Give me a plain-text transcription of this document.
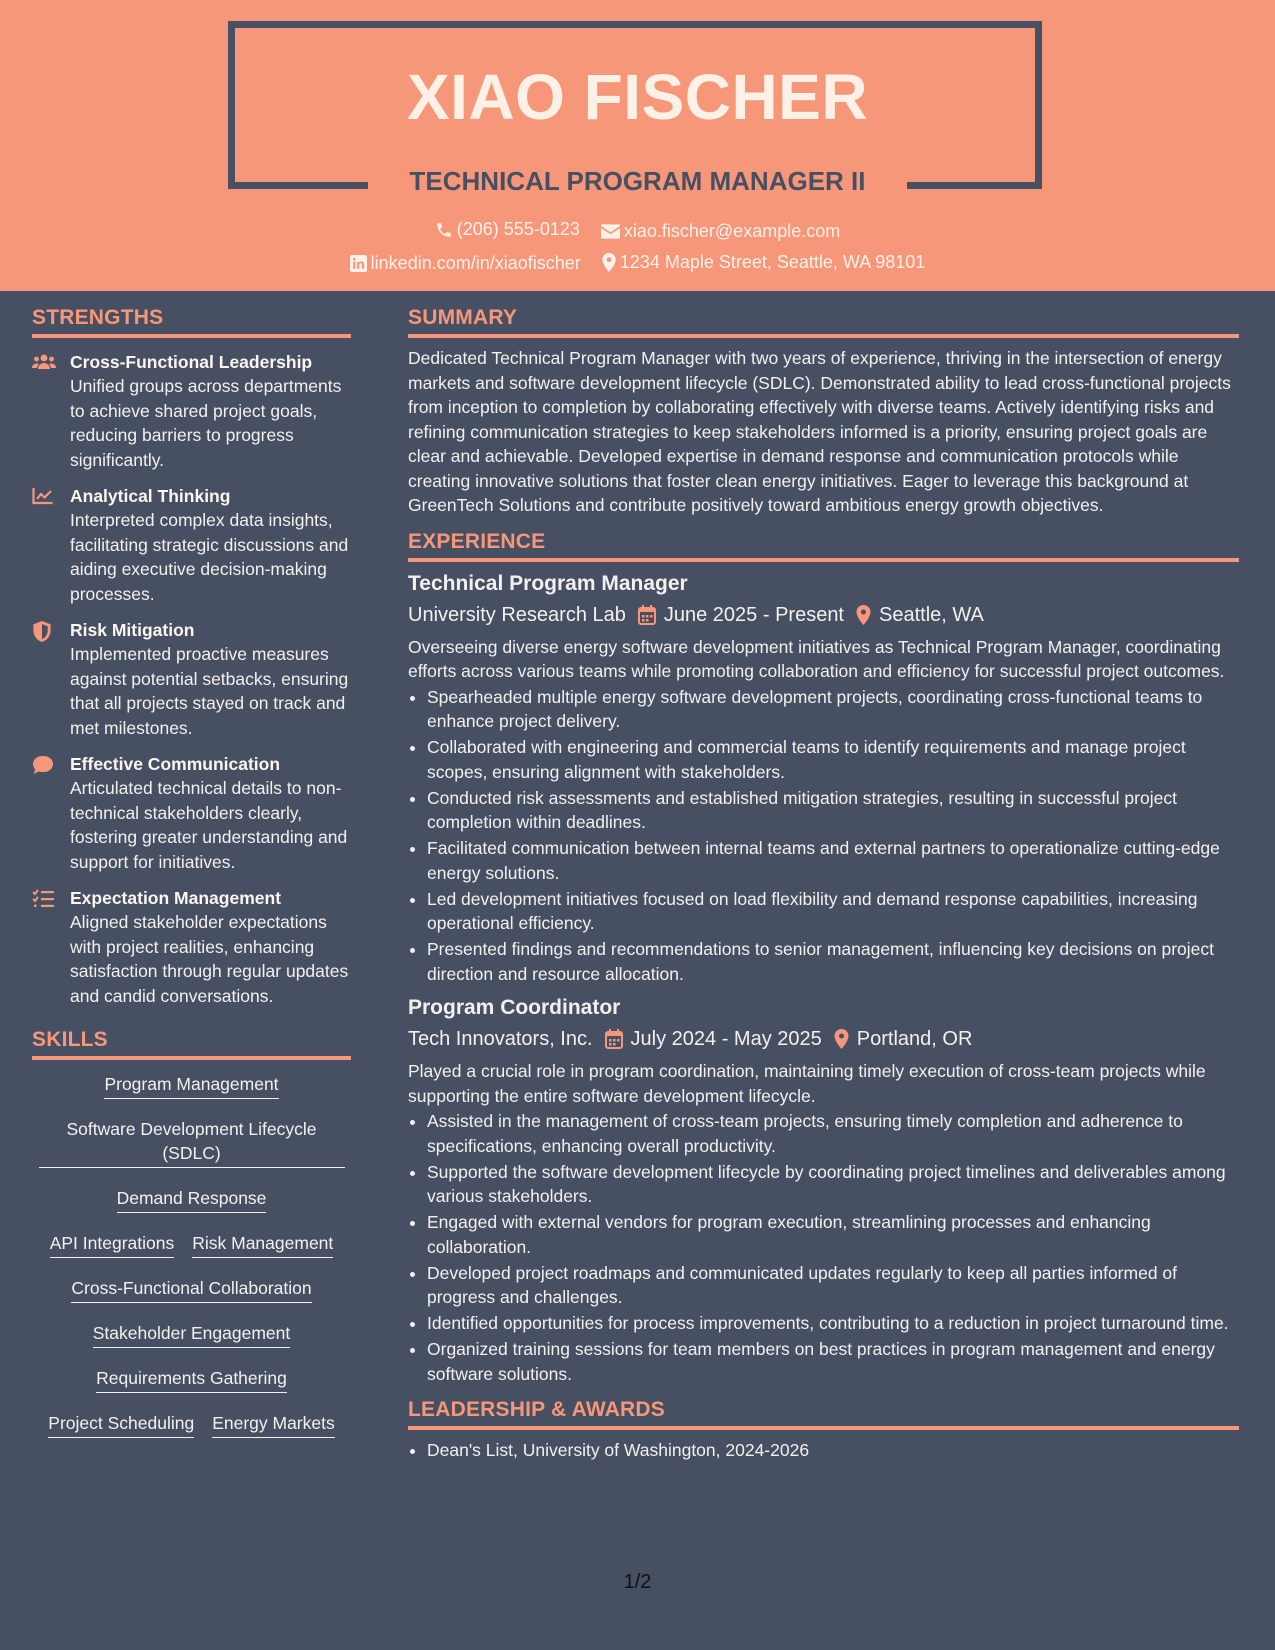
XIAO FISCHER
TECHNICAL PROGRAM MANAGER II
(206) 555-0123
xiao.fischer@example.com
linkedin.com/in/xiaofischer
1234 Maple Street, Seattle, WA 98101
STRENGTHS
Cross-Functional Leadership
Unified groups across departments to achieve shared project goals, reducing barriers to progress significantly.
Analytical Thinking
Interpreted complex data insights, facilitating strategic discussions and aiding executive decision-making processes.
Risk Mitigation
Implemented proactive measures against potential setbacks, ensuring that all projects stayed on track and met milestones.
Effective Communication
Articulated technical details to non-technical stakeholders clearly, fostering greater understanding and support for initiatives.
Expectation Management
Aligned stakeholder expectations with project realities, enhancing satisfaction through regular updates and candid conversations.
SKILLS
Program Management
Software Development Lifecycle (SDLC)
Demand Response
API Integrations Risk Management
Cross-Functional Collaboration
Stakeholder Engagement
Requirements Gathering
Project Scheduling Energy Markets
SUMMARY

Dedicated Technical Program Manager with two years of experience, thriving in the intersection of energy markets and software development lifecycle (SDLC). Demonstrated ability to lead cross-functional projects from inception to completion by collaborating effectively with diverse teams. Actively identifying risks and refining communication strategies to keep stakeholders informed is a priority, ensuring project goals are clear and achievable. Developed expertise in demand response and communication protocols while creating innovative solutions that foster clean energy initiatives. Eager to leverage this background at GreenTech Solutions and contribute positively toward ambitious energy growth objectives.

EXPERIENCE
Technical Program Manager
University Research Lab June 2025 - Present Seattle, WA
Overseeing diverse energy software development initiatives as Technical Program Manager, coordinating efforts across various teams while promoting collaboration and efficiency for successful project outcomes.
• Spearheaded multiple energy software development projects, coordinating cross-functional teams to enhance project delivery.
• Collaborated with engineering and commercial teams to identify requirements and manage project scopes, ensuring alignment with stakeholders.
• Conducted risk assessments and established mitigation strategies, resulting in successful project completion within deadlines.
• Facilitated communication between internal teams and external partners to operationalize cutting-edge energy solutions.
• Led development initiatives focused on load flexibility and demand response capabilities, increasing operational efficiency.
• Presented findings and recommendations to senior management, influencing key decisions on project direction and resource allocation.
Program Coordinator
Tech Innovators, Inc. July 2024 - May 2025 Portland, OR
Played a crucial role in program coordination, maintaining timely execution of cross-team projects while supporting the entire software development lifecycle.
• Assisted in the management of cross-team projects, ensuring timely completion and adherence to specifications, enhancing overall productivity.
• Supported the software development lifecycle by coordinating project timelines and deliverables among various stakeholders.
• Engaged with external vendors for program execution, streamlining processes and enhancing collaboration.
• Developed project roadmaps and communicated updates regularly to keep all parties informed of progress and challenges.
• Identified opportunities for process improvements, contributing to a reduction in project turnaround time.
• Organized training sessions for team members on best practices in program management and energy software solutions.
LEADERSHIP & AWARDS
• Dean's List, University of Washington, 2024-2026
1/2
